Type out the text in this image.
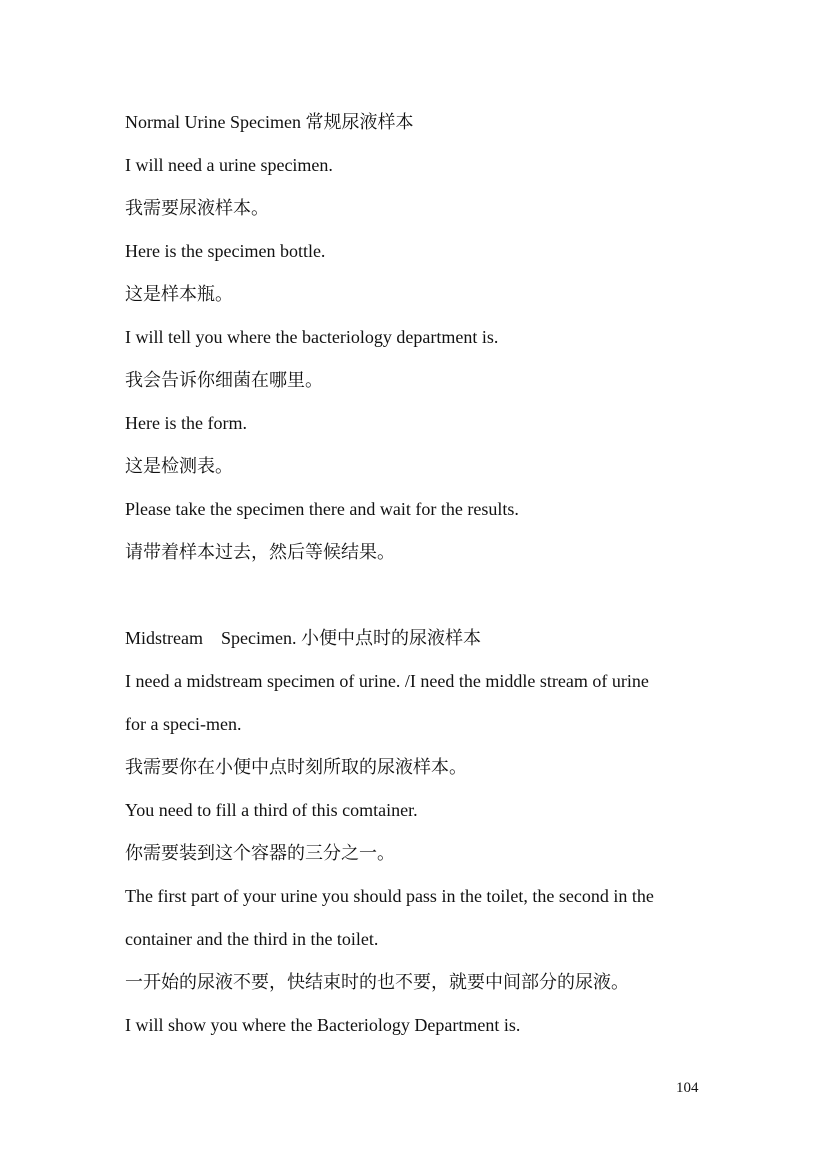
Normal Urine Specimen 常规尿液样本

I will need a urine specimen.

我需要尿液样本。

Here is the specimen bottle.

这是样本瓶。

I will tell you where the bacteriology department is.

我会告诉你细菌在哪里。

Here is the form.

这是检测表。

Please take the specimen there and wait for the results.

请带着样本过去，然后等候结果。

Midstream　Specimen. 小便中点时的尿液样本

I need a midstream specimen of urine. /I need the middle stream of urine

for a speci-men.

我需要你在小便中点时刻所取的尿液样本。

You need to fill a third of this comtainer.

你需要装到这个容器的三分之一。

The first part of your urine you should pass in the toilet, the second in the

container and the third in the toilet.

一开始的尿液不要，快结束时的也不要，就要中间部分的尿液。

I will show you where the Bacteriology Department is.

104
